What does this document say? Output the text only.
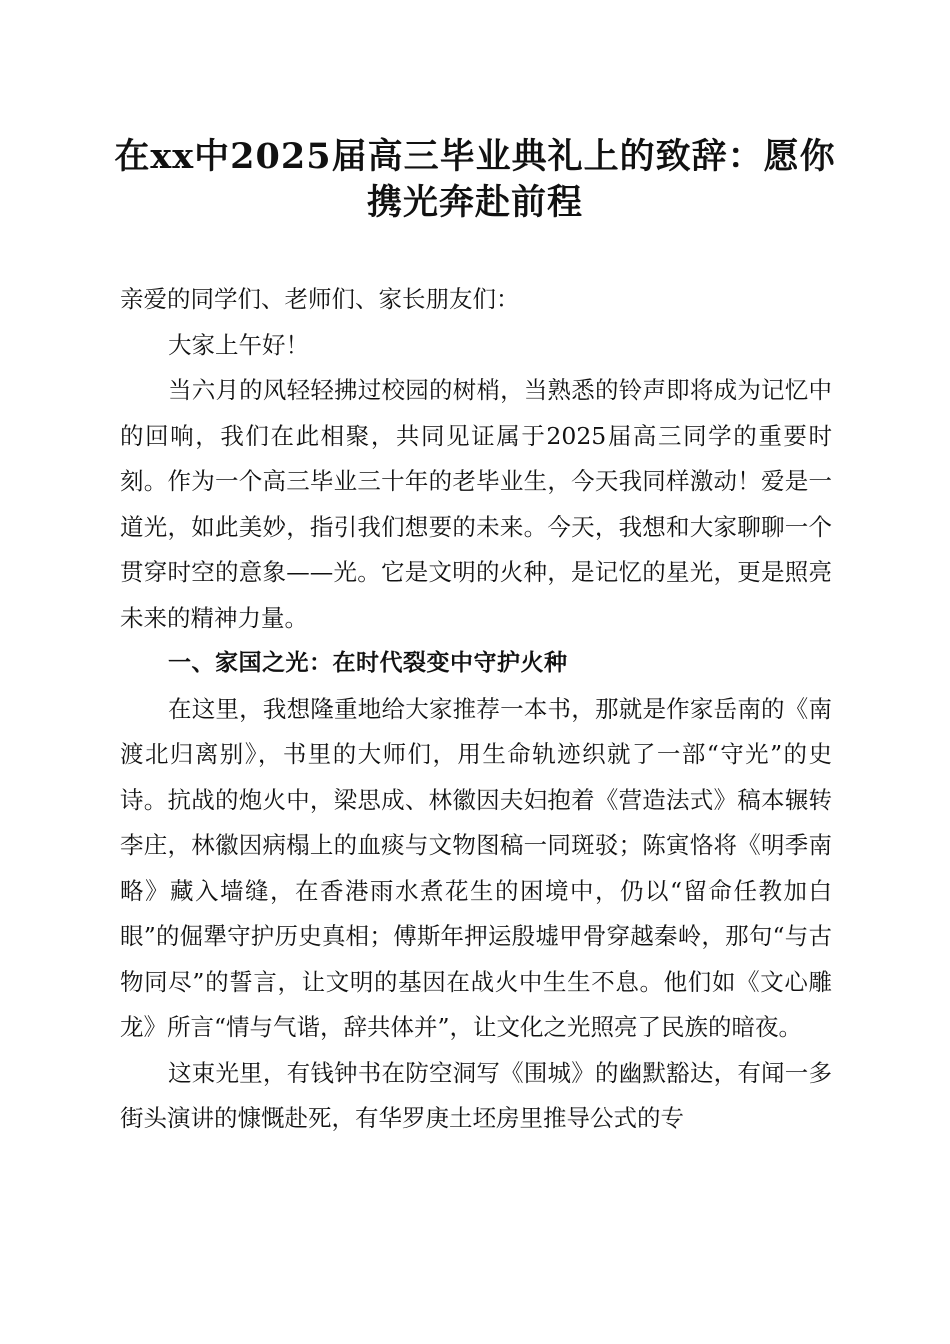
在xx中2025届高三毕业典礼上的致辞：愿你
携光奔赴前程

亲爱的同学们、老师们、家长朋友们：

大家上午好！

当六月的风轻轻拂过校园的树梢，当熟悉的铃声即将成为记忆中的回响，我们在此相聚，共同见证属于2025届高三同学的重要时刻。作为一个高三毕业三十年的老毕业生，今天我同样激动！爱是一道光，如此美妙，指引我们想要的未来。今天，我想和大家聊聊一个贯穿时空的意象——光。它是文明的火种，是记忆的星光，更是照亮未来的精神力量。

一、家国之光：在时代裂变中守护火种

在这里，我想隆重地给大家推荐一本书，那就是作家岳南的《南渡北归离别》，书里的大师们，用生命轨迹织就了一部“守光”的史诗。抗战的炮火中，梁思成、林徽因夫妇抱着《营造法式》稿本辗转李庄，林徽因病榻上的血痰与文物图稿一同斑驳；陈寅恪将《明季南略》藏入墙缝，在香港雨水煮花生的困境中，仍以“留命任教加白眼”的倔犟守护历史真相；傅斯年押运殷墟甲骨穿越秦岭，那句“与古物同尽”的誓言，让文明的基因在战火中生生不息。他们如《文心雕龙》所言“情与气谐，辞共体并”，让文化之光照亮了民族的暗夜。

这束光里，有钱钟书在防空洞写《围城》的幽默豁达，有闻一多街头演讲的慷慨赴死，有华罗庚土坯房里推导公式的专
